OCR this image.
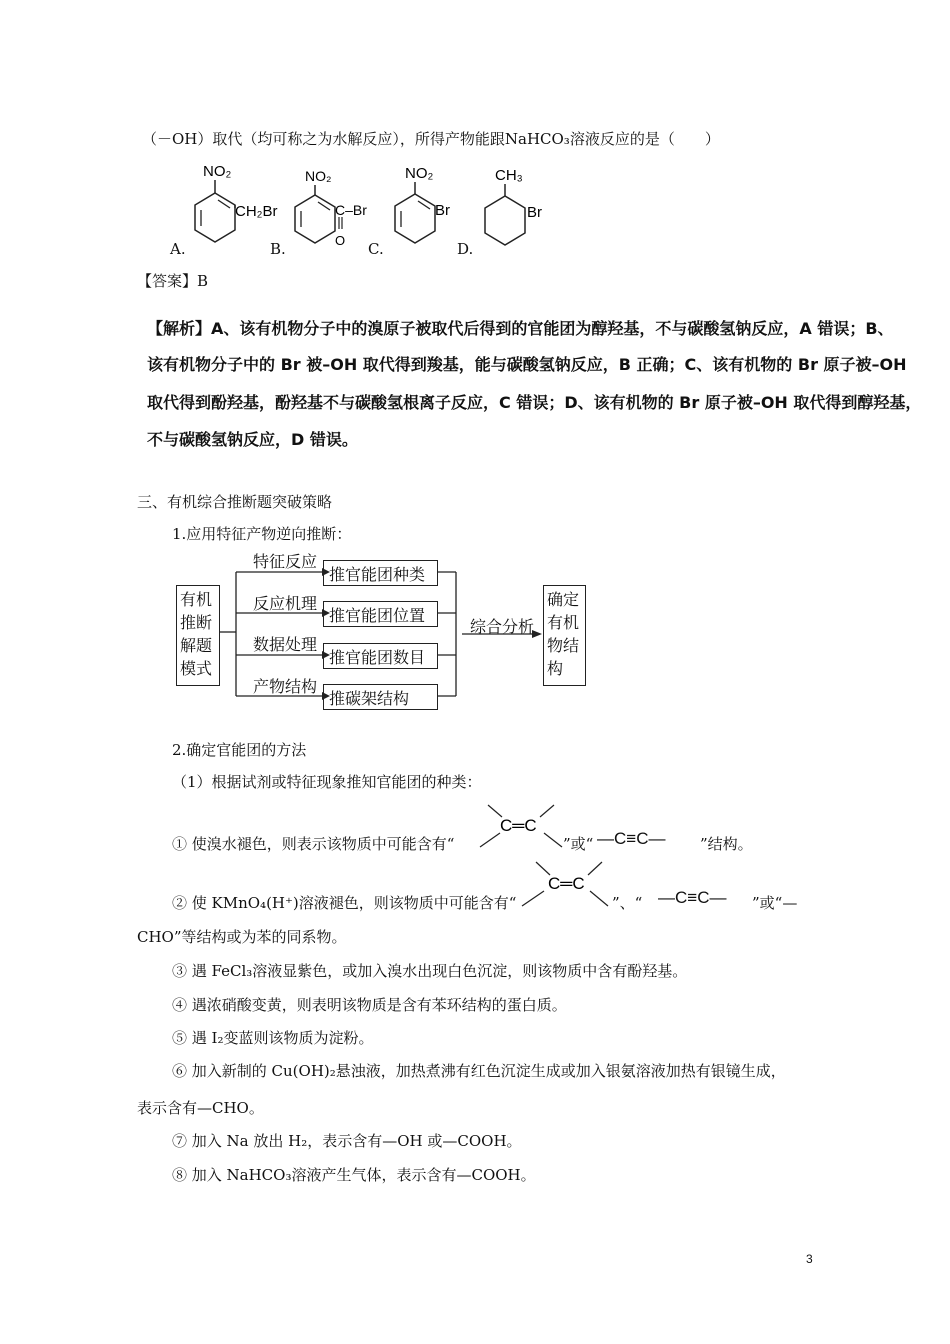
（－OH）取代（均可称之为水解反应），所得产物能跟NaHCO₃溶液反应的是（　　）
A.
NO₂
CH₂Br
B.
NO₂
C‒Br
O C.
NO₂
Br
D.
CH₃
Br
【答案】B
【解析】A、该有机物分子中的溴原子被取代后得到的官能团为醇羟基，不与碳酸氢钠反应，A 错误；B、
该有机物分子中的 Br 被–OH 取代得到羧基，能与碳酸氢钠反应，B 正确；C、该有机物的 Br 原子被–OH
取代得到酚羟基，酚羟基不与碳酸氢根离子反应，C 错误；D、该有机物的 Br 原子被–OH 取代得到醇羟基，
不与碳酸氢钠反应，D 错误。
三、有机综合推断题突破策略
1.应用特征产物逆向推断：
有机
推断
解题
模式
特征反应
反应机理
数据处理
产物结构
推官能团种类
推官能团位置
推官能团数目
推碳架结构
综合分析
确定
有机
物结
构
2.确定官能团的方法
（1）根据试剂或特征现象推知官能团的种类：
① 使溴水褪色，则表示该物质中可能含有“
C═C
”或“ —C≡C— ”结构。
② 使 KMnO₄(H⁺)溶液褪色，则该物质中可能含有“
C═C
”、“ —C≡C— ”或“—
CHO”等结构或为苯的同系物。
③ 遇 FeCl₃溶液显紫色，或加入溴水出现白色沉淀，则该物质中含有酚羟基。
④ 遇浓硝酸变黄，则表明该物质是含有苯环结构的蛋白质。
⑤ 遇 I₂变蓝则该物质为淀粉。
⑥ 加入新制的 Cu(OH)₂悬浊液，加热煮沸有红色沉淀生成或加入银氨溶液加热有银镜生成，
表示含有—CHO。
⑦ 加入 Na 放出 H₂，表示含有—OH 或—COOH。
⑧ 加入 NaHCO₃溶液产生气体，表示含有—COOH。
3
